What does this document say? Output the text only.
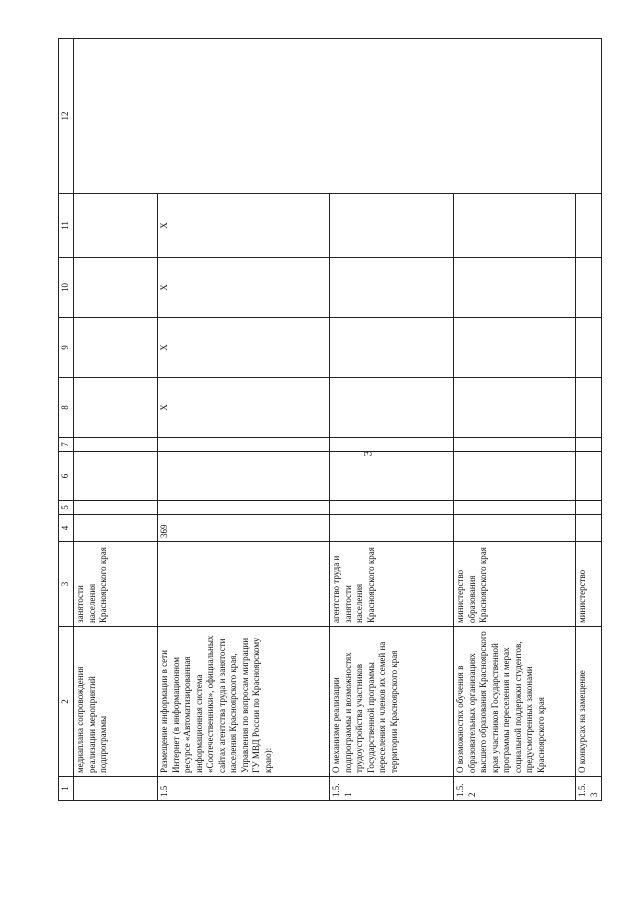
3
1	2	3	4	5	6	7	8	9	10	11	12
	медиаплана сопровождения реализации мероприятий подпрограммы	занятости населения Красноярского края									
1.5	Размещение информации в сети Интернет (в информационном ресурсе «Автоматизированная информационная система «Соотечественники», официальных сайтах агентства труда и занятости населения Красноярского края, Управления по вопросам миграции ГУ МВД России по Красноярскому краю):		369				X	X	X	X	
1.5.1	О механизме реализации подпрограммы и возможностях трудоустройства участников Государственной программы переселения и членов их семей на территории Красноярского края	агентство труда и занятости населения Красноярского края									
1.5.2	О возможностях обучения в образовательных организациях высшего образования Красноярского края участников Государственной программы переселения и мерах социальной поддержки студентов, предусмотренных законами Красноярского края	министерство образования Красноярского края									
1.5.3	О конкурсах на замещение	министерство									
